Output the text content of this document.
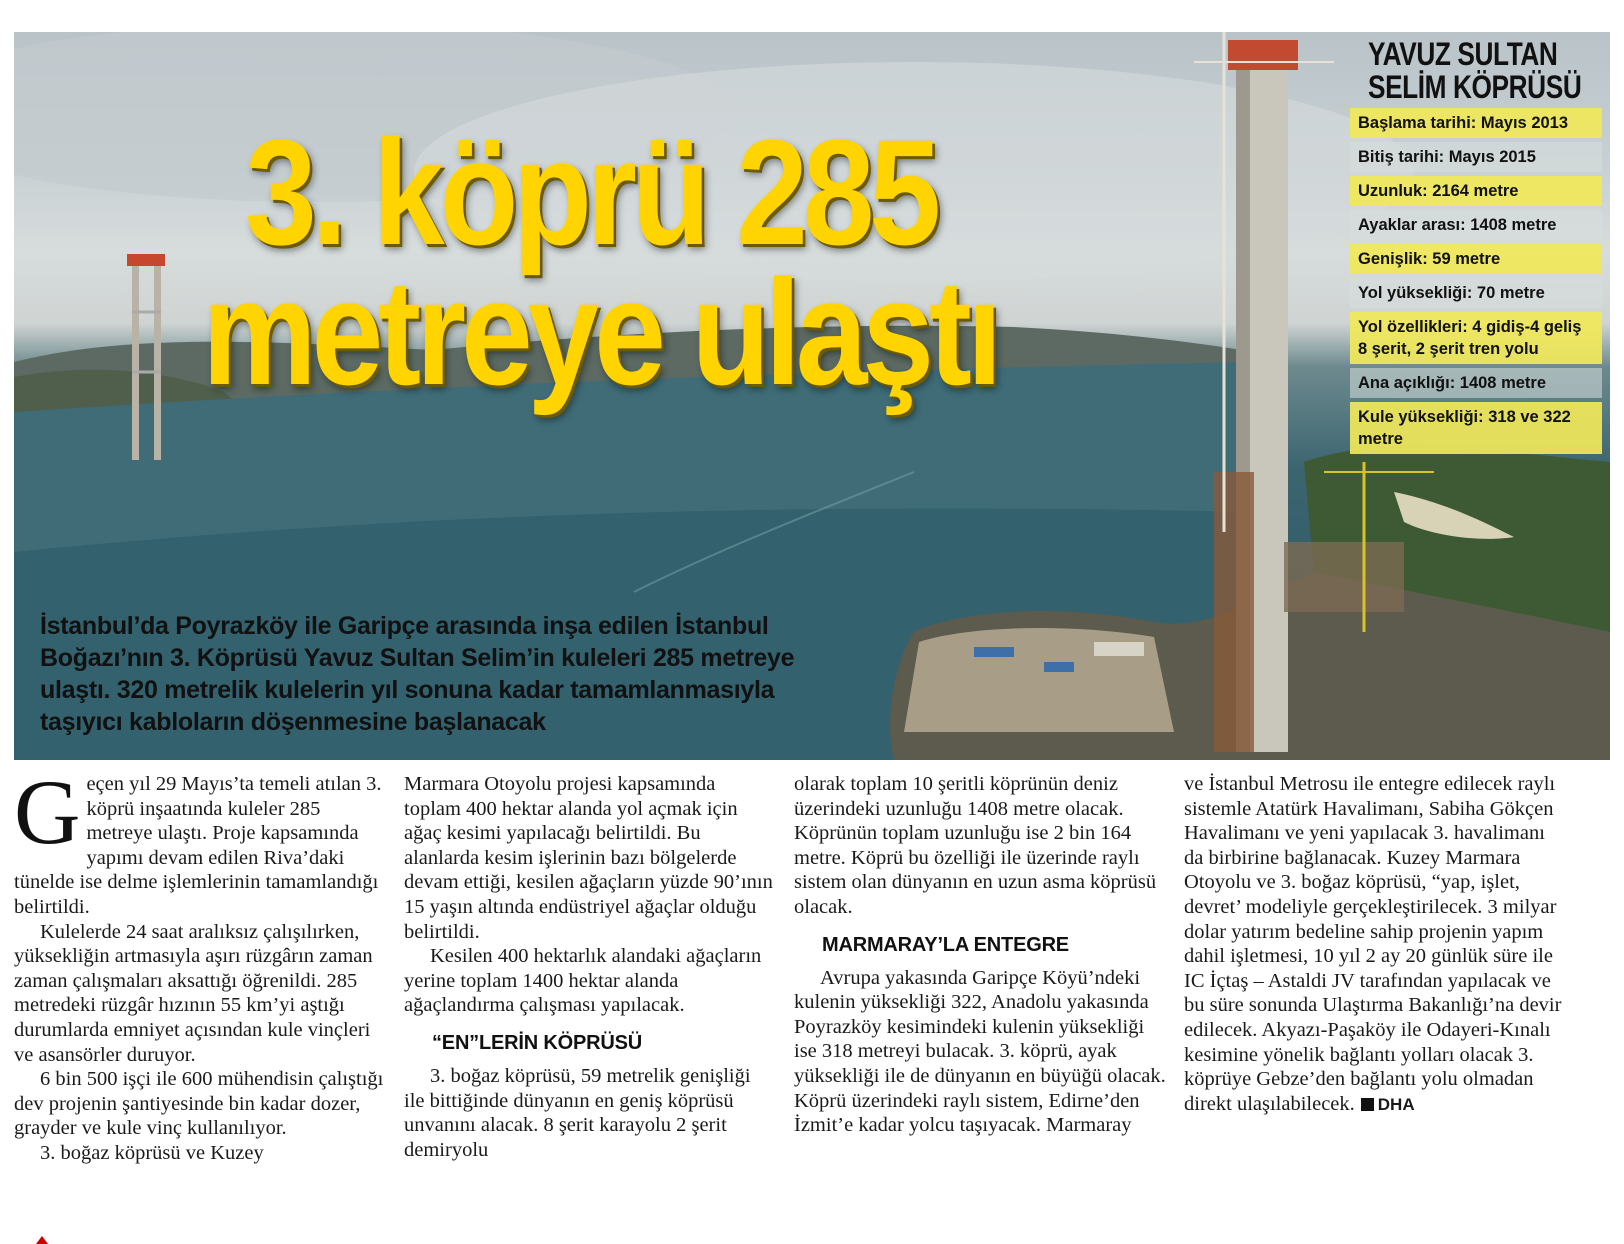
3. köprü 285
metreye ulaştı

İstanbul’da Poyrazköy ile Garipçe arasında inşa edilen İstanbul Boğazı’nın 3. Köprüsü Yavuz Sultan Selim’in kuleleri 285 metreye ulaştı. 320 metrelik kulelerin yıl sonuna kadar tamamlanmasıyla taşıyıcı kabloların döşenmesine başlanacak

YAVUZ SULTAN
SELİM KÖPRÜSÜ
Başlama tarihi: Mayıs 2013
Bitiş tarihi: Mayıs 2015
Uzunluk: 2164 metre
Ayaklar arası: 1408 metre
Genişlik: 59 metre
Yol yüksekliği: 70 metre
Yol özellikleri: 4 gidiş-4 geliş 8 şerit, 2 şerit tren yolu
Ana açıklığı: 1408 metre
Kule yüksekliği: 318 ve 322 metre

Geçen yıl 29 Mayıs’ta temeli atılan 3. köprü inşaatında kuleler 285 metreye ulaştı. Proje kapsamında yapımı devam edilen Riva’daki tünelde ise delme işlemlerinin tamamlandığı belirtildi.

Kulelerde 24 saat aralıksız çalışılırken, yüksekliğin artmasıyla aşırı rüzgârın zaman zaman çalışmaları aksattığı öğrenildi. 285 metredeki rüzgâr hızının 55 km’yi aştığı durumlarda emniyet açısından kule vinçleri ve asansörler duruyor.

6 bin 500 işçi ile 600 mühendisin çalıştığı dev projenin şantiyesinde bin kadar dozer, grayder ve kule vinç kullanılıyor.

3. boğaz köprüsü ve Kuzey

Marmara Otoyolu projesi kapsamında toplam 400 hektar alanda yol açmak için ağaç kesimi yapılacağı belirtildi. Bu alanlarda kesim işlerinin bazı bölgelerde devam ettiği, kesilen ağaçların yüzde 90’ının 15 yaşın altında endüstriyel ağaçlar olduğu belirtildi.

Kesilen 400 hektarlık alandaki ağaçların yerine toplam 1400 hektar alanda ağaçlandırma çalışması yapılacak.

“EN”LERİN KÖPRÜSÜ

3. boğaz köprüsü, 59 metrelik genişliği ile bittiğinde dünyanın en geniş köprüsü unvanını alacak. 8 şerit karayolu 2 şerit demiryolu

olarak toplam 10 şeritli köprünün deniz üzerindeki uzunluğu 1408 metre olacak. Köprünün toplam uzunluğu ise 2 bin 164 metre. Köprü bu özelliği ile üzerinde raylı sistem olan dünyanın en uzun asma köprüsü olacak.

MARMARAY’LA ENTEGRE

Avrupa yakasında Garipçe Köyü’ndeki kulenin yüksekliği 322, Anadolu yakasında Poyrazköy kesimindeki kulenin yüksekliği ise 318 metreyi bulacak. 3. köprü, ayak yüksekliği ile de dünyanın en büyüğü olacak. Köprü üzerindeki raylı sistem, Edirne’den İzmit’e kadar yolcu taşıyacak. Marmaray

ve İstanbul Metrosu ile entegre edilecek raylı sistemle Atatürk Havalimanı, Sabiha Gökçen Havalimanı ve yeni yapılacak 3. havalimanı da birbirine bağlanacak. Kuzey Marmara Otoyolu ve 3. boğaz köprüsü, “yap, işlet, devret’ modeliyle gerçekleştirilecek. 3 milyar dolar yatırım bedeline sahip projenin yapım dahil işletmesi, 10 yıl 2 ay 20 günlük süre ile IC İçtaş – Astaldi JV tarafından yapılacak ve bu süre sonunda Ulaştırma Bakanlığı’na devir edilecek. Akyazı-Paşaköy ile Odayeri-Kınalı kesimine yönelik bağlantı yolları olacak 3. köprüye Gebze’den bağlantı yolu olmadan direkt ulaşılabilecek. DHA
